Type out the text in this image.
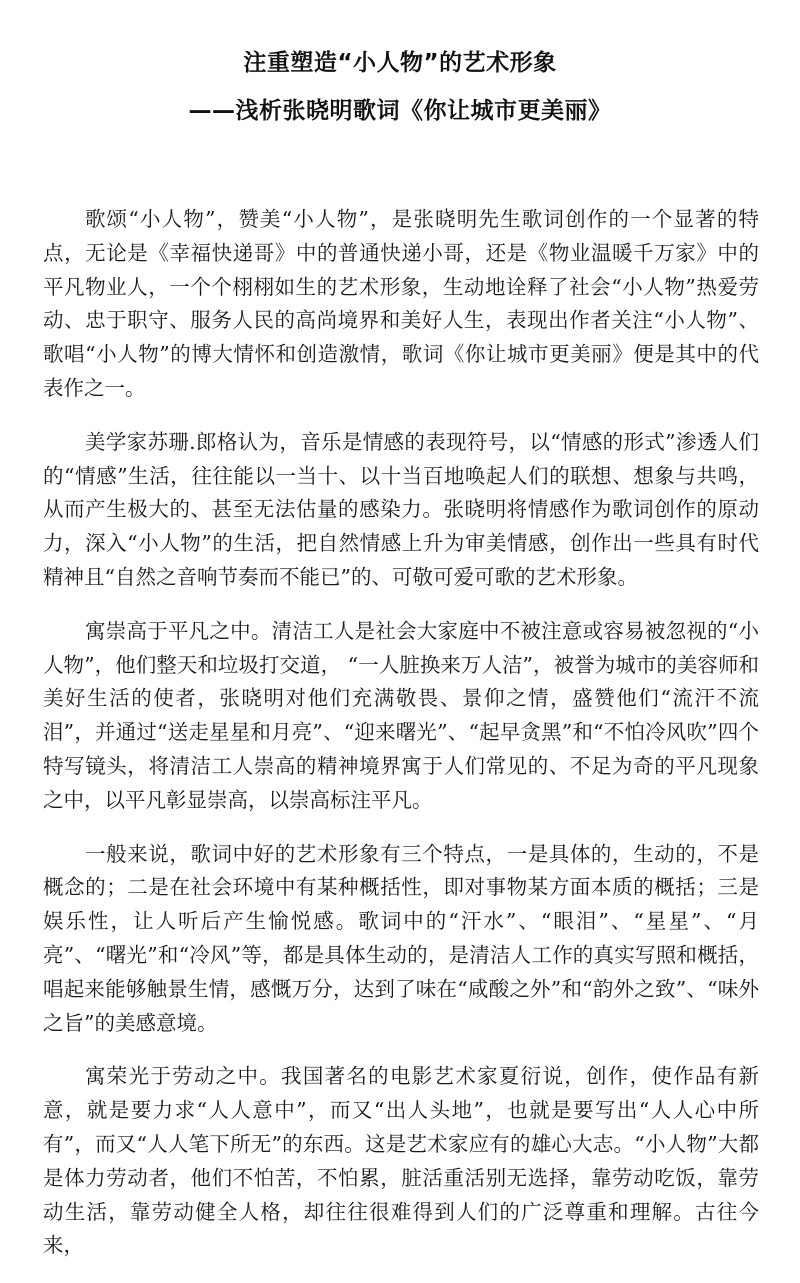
注重塑造“小人物”的艺术形象
——浅析张晓明歌词《你让城市更美丽》

歌颂“小人物”，赞美“小人物”，是张晓明先生歌词创作的一个显著的特点，无论是《幸福快递哥》中的普通快递小哥，还是《物业温暖千万家》中的平凡物业人，一个个栩栩如生的艺术形象，生动地诠释了社会“小人物”热爱劳动、忠于职守、服务人民的高尚境界和美好人生，表现出作者关注“小人物”、歌唱“小人物”的博大情怀和创造激情，歌词《你让城市更美丽》便是其中的代表作之一。

美学家苏珊.郎格认为，音乐是情感的表现符号，以“情感的形式”渗透人们的“情感”生活，往往能以一当十、以十当百地唤起人们的联想、想象与共鸣，从而产生极大的、甚至无法估量的感染力。张晓明将情感作为歌词创作的原动力，深入“小人物”的生活，把自然情感上升为审美情感，创作出一些具有时代精神且“自然之音响节奏而不能已”的、可敬可爱可歌的艺术形象。

寓崇高于平凡之中。清洁工人是社会大家庭中不被注意或容易被忽视的“小人物”，他们整天和垃圾打交道， “一人脏换来万人洁”，被誉为城市的美容师和美好生活的使者，张晓明对他们充满敬畏、景仰之情，盛赞他们“流汗不流泪”，并通过“送走星星和月亮”、“迎来曙光”、“起早贪黑”和“不怕冷风吹”四个特写镜头，将清洁工人崇高的精神境界寓于人们常见的、不足为奇的平凡现象之中，以平凡彰显崇高，以崇高标注平凡。

一般来说，歌词中好的艺术形象有三个特点，一是具体的，生动的，不是概念的；二是在社会环境中有某种概括性，即对事物某方面本质的概括；三是娱乐性，让人听后产生愉悦感。歌词中的“汗水”、“眼泪”、“星星”、“月亮”、“曙光”和“冷风”等，都是具体生动的，是清洁人工作的真实写照和概括，唱起来能够触景生情，感慨万分，达到了味在“咸酸之外”和“韵外之致”、“味外之旨”的美感意境。

寓荣光于劳动之中。我国著名的电影艺术家夏衍说，创作，使作品有新意，就是要力求“人人意中”，而又“出人头地”，也就是要写出“人人心中所有”，而又“人人笔下所无”的东西。这是艺术家应有的雄心大志。“小人物”大都是体力劳动者，他们不怕苦，不怕累，脏活重活别无选择，靠劳动吃饭，靠劳动生活，靠劳动健全人格，却往往很难得到人们的广泛尊重和理解。古往今来，
